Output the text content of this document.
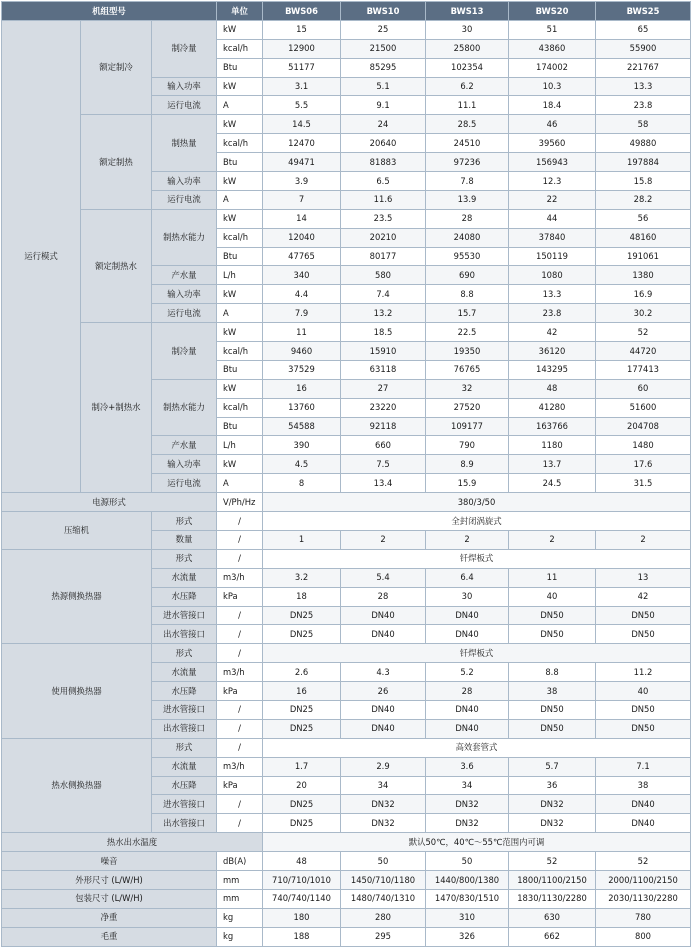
机组型号			单位	BWS06	BWS10	BWS13	BWS20	BWS25
运行模式	额定制冷	制冷量	kW	15	25	30	51	65
			kcal/h	12900	21500	25800	43860	55900
			Btu	51177	85295	102354	174002	221767
		输入功率	kW	3.1	5.1	6.2	10.3	13.3
		运行电流	A	5.5	9.1	11.1	18.4	23.8
	额定制热	制热量	kW	14.5	24	28.5	46	58
			kcal/h	12470	20640	24510	39560	49880
			Btu	49471	81883	97236	156943	197884
		输入功率	kW	3.9	6.5	7.8	12.3	15.8
		运行电流	A	7	11.6	13.9	22	28.2
	额定制热水	制热水能力	kW	14	23.5	28	44	56
			kcal/h	12040	20210	24080	37840	48160
			Btu	47765	80177	95530	150119	191061
		产水量	L/h	340	580	690	1080	1380
		输入功率	kW	4.4	7.4	8.8	13.3	16.9
		运行电流	A	7.9	13.2	15.7	23.8	30.2
	制冷+制热水	制冷量	kW	11	18.5	22.5	42	52
			kcal/h	9460	15910	19350	36120	44720
			Btu	37529	63118	76765	143295	177413
		制热水能力	kW	16	27	32	48	60
			kcal/h	13760	23220	27520	41280	51600
			Btu	54588	92118	109177	163766	204708
		产水量	L/h	390	660	790	1180	1480
		输入功率	kW	4.5	7.5	8.9	13.7	17.6
		运行电流	A	8	13.4	15.9	24.5	31.5
电源形式			V/Ph/Hz	380/3/50				
压缩机		形式	/	全封闭涡旋式				
		数量	/	1	2	2	2	2
热源侧换热器		形式	/	钎焊板式				
		水流量	m3/h	3.2	5.4	6.4	11	13
		水压降	kPa	18	28	30	40	42
		进水管接口	/	DN25	DN40	DN40	DN50	DN50
		出水管接口	/	DN25	DN40	DN40	DN50	DN50
使用侧换热器		形式	/	钎焊板式				
		水流量	m3/h	2.6	4.3	5.2	8.8	11.2
		水压降	kPa	16	26	28	38	40
		进水管接口	/	DN25	DN40	DN40	DN50	DN50
		出水管接口	/	DN25	DN40	DN40	DN50	DN50
热水侧换热器		形式	/	高效套管式				
		水流量	m3/h	1.7	2.9	3.6	5.7	7.1
		水压降	kPa	20	34	34	36	38
		进水管接口	/	DN25	DN32	DN32	DN32	DN40
		出水管接口	/	DN25	DN32	DN32	DN32	DN40
热水出水温度				默认50℃，40℃～55℃范围内可调				
噪音			dB(A)	48	50	50	52	52
外形尺寸 (L/W/H)			mm	710/710/1010	1450/710/1180	1440/800/1380	1800/1100/2150	2000/1100/2150
包装尺寸 (L/W/H)			mm	740/740/1140	1480/740/1310	1470/830/1510	1830/1130/2280	2030/1130/2280
净重			kg	180	280	310	630	780
毛重			kg	188	295	326	662	800
